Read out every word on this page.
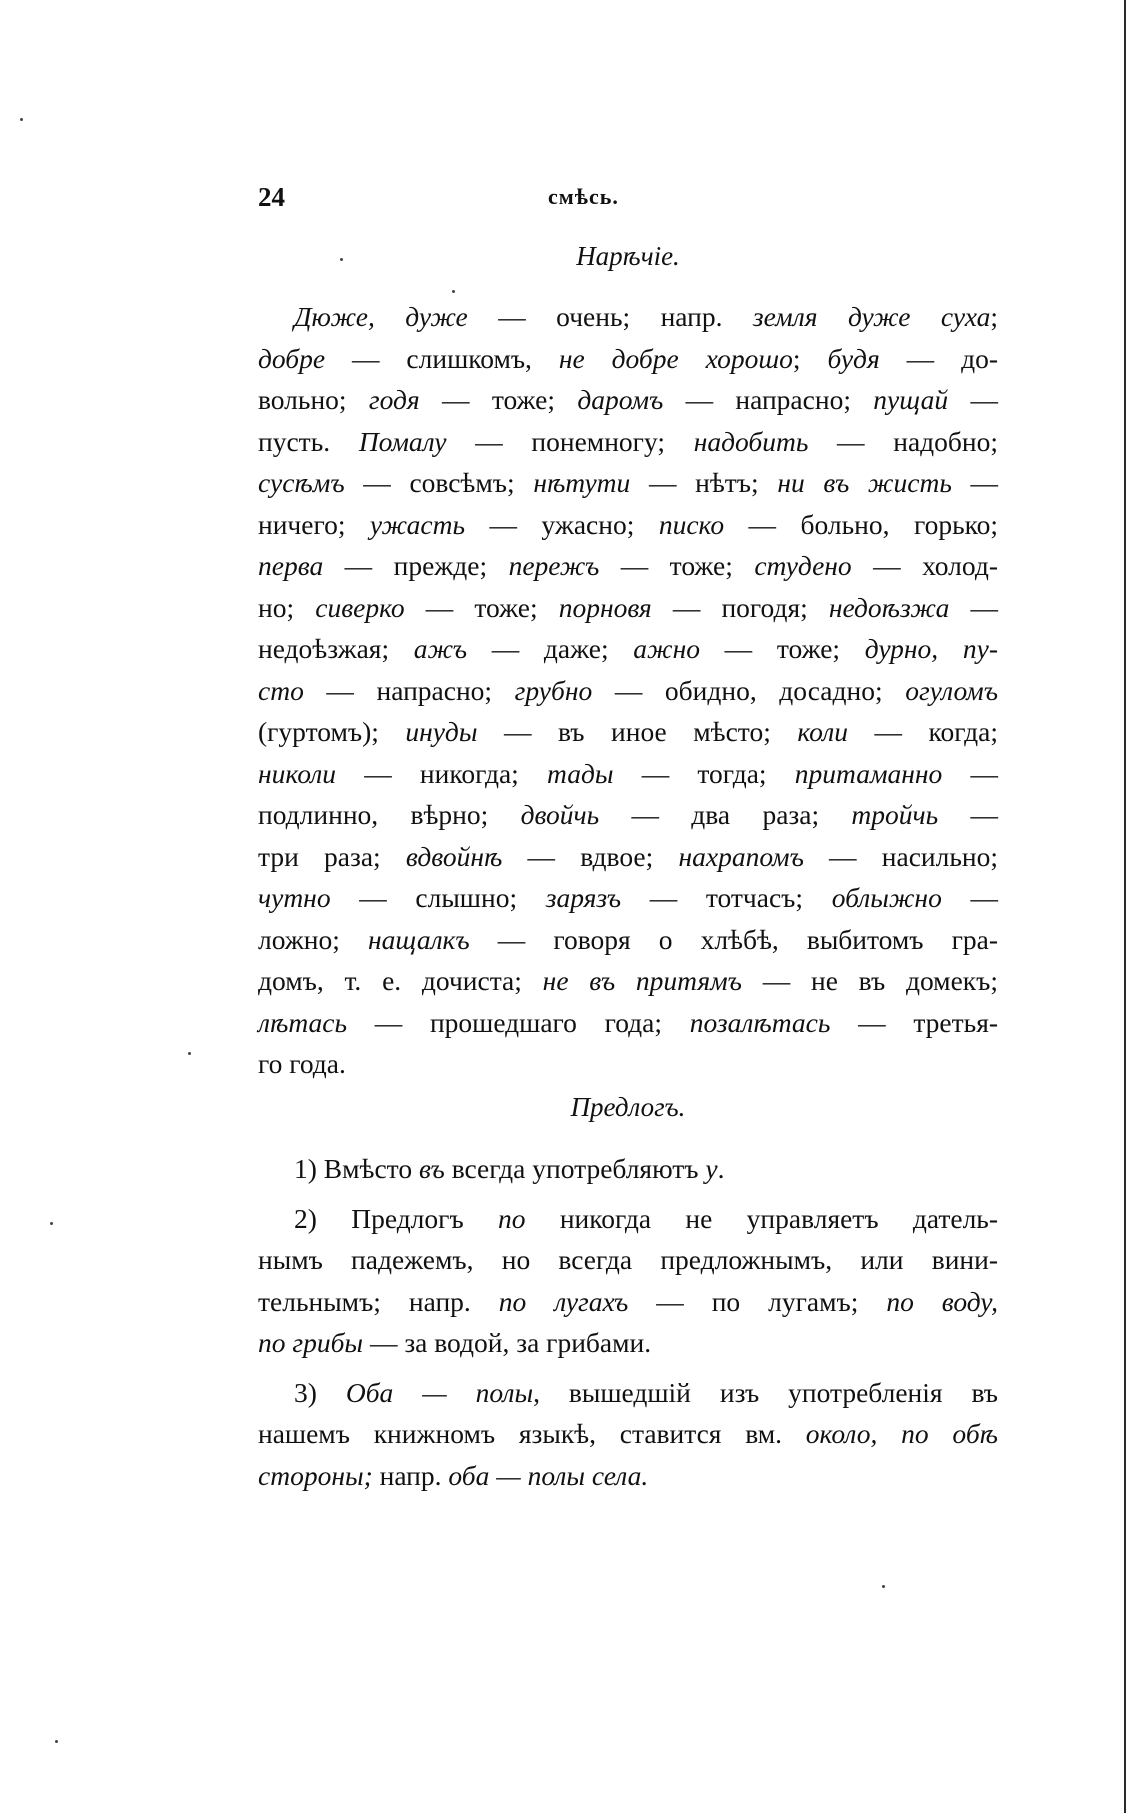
24	смѣсь.
Нарѣчіе.
Дюже, дуже — очень; напр. земля дуже суха;
добре — слишкомъ, не добре хорошо; будя — до-
вольно; годя — тоже; даромъ — напрасно; пущай —
пусть. Помалу — понемногу; надобить — надобно;
сусѣмъ — совсѣмъ; нѣтути — нѣтъ; ни въ жисть —
ничего; ужасть — ужасно; писко — больно, горько;
перва — прежде; пережъ — тоже; студено — холод-
но; сиверко — тоже; порновя — погодя; недоѣзжа —
недоѣзжая; ажъ — даже; ажно — тоже; дурно, пу-
сто — напрасно; грубно — обидно, досадно; огуломъ
(гуртомъ); инуды — въ иное мѣсто; коли — когда;
николи — никогда; тады — тогда; притаманно —
подлинно, вѣрно; двойчь — два раза; тройчь —
три раза; вдвойнѣ — вдвое; нахрапомъ — насильно;
чутно — слышно; зарязъ — тотчасъ; облыжно —
ложно; нащалкъ — говоря о хлѣбѣ, выбитомъ гра-
домъ, т. е. дочиста; не въ притямъ — не въ домекъ;
лѣтась — прошедшаго года; позалѣтась — третья-
го года.
Предлогъ.
1) Вмѣсто въ всегда употребляютъ у.
2) Предлогъ по никогда не управляетъ датель-
нымъ падежемъ, но всегда предложнымъ, или вини-
тельнымъ; напр. по лугахъ — по лугамъ; по воду,
по грибы — за водой, за грибами.
3) Оба — полы, вышедшій изъ употребленія въ
нашемъ книжномъ языкѣ, ставится вм. около, по обѣ
стороны; напр. оба — полы села.
